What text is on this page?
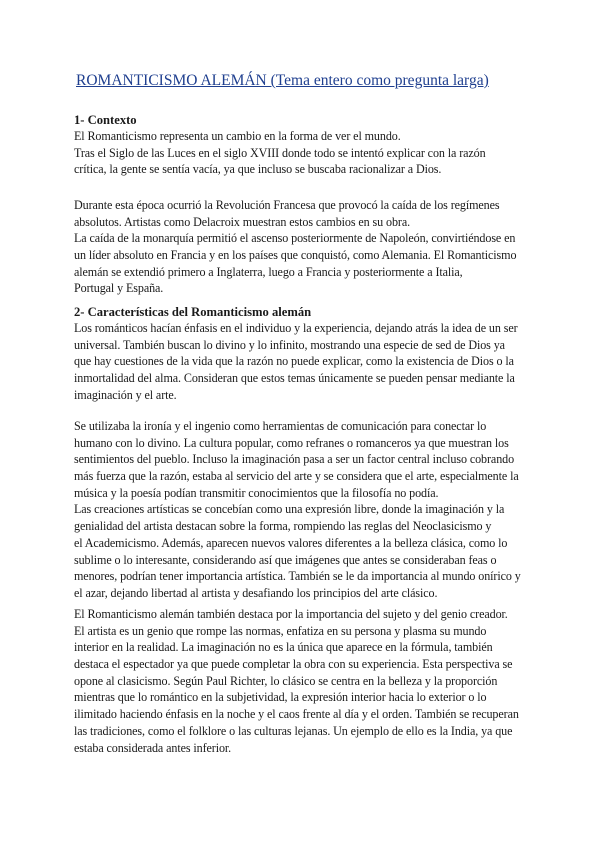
ROMANTICISMO ALEMÁN (Tema entero como pregunta larga)
1- Contexto
El Romanticismo representa un cambio en la forma de ver el mundo.
Tras el Siglo de las Luces en el siglo XVIII donde todo se intentó explicar con la razón
crítica, la gente se sentía vacía, ya que incluso se buscaba racionalizar a Dios.
Durante esta época ocurrió la Revolución Francesa que provocó la caída de los regímenes
absolutos. Artistas como Delacroix muestran estos cambios en su obra.
La caída de la monarquía permitió el ascenso posteriormente de Napoleón, convirtiéndose en
un líder absoluto en Francia y en los países que conquistó, como Alemania. El Romanticismo
alemán se extendió primero a Inglaterra, luego a Francia y posteriormente a Italia,
Portugal y España.
2- Características del Romanticismo alemán
Los románticos hacían énfasis en el individuo y la experiencia, dejando atrás la idea de un ser
universal. También buscan lo divino y lo infinito, mostrando una especie de sed de Dios ya
que hay cuestiones de la vida que la razón no puede explicar, como la existencia de Dios o la
inmortalidad del alma. Consideran que estos temas únicamente se pueden pensar mediante la
imaginación y el arte.
Se utilizaba la ironía y el ingenio como herramientas de comunicación para conectar lo
humano con lo divino. La cultura popular, como refranes o romanceros ya que muestran los
sentimientos del pueblo. Incluso la imaginación pasa a ser un factor central incluso cobrando
más fuerza que la razón, estaba al servicio del arte y se considera que el arte, especialmente la
música y la poesía podían transmitir conocimientos que la filosofía no podía.
Las creaciones artísticas se concebían como una expresión libre, donde la imaginación y la
genialidad del artista destacan sobre la forma, rompiendo las reglas del Neoclasicismo y
el Academicismo. Además, aparecen nuevos valores diferentes a la belleza clásica, como lo
sublime o lo interesante, considerando así que imágenes que antes se consideraban feas o
menores, podrían tener importancia artística. También se le da importancia al mundo onírico y
el azar, dejando libertad al artista y desafiando los principios del arte clásico.
El Romanticismo alemán también destaca por la importancia del sujeto y del genio creador.
El artista es un genio que rompe las normas, enfatiza en su persona y plasma su mundo
interior en la realidad. La imaginación no es la única que aparece en la fórmula, también
destaca el espectador ya que puede completar la obra con su experiencia. Esta perspectiva se
opone al clasicismo. Según Paul Richter, lo clásico se centra en la belleza y la proporción
mientras que lo romántico en la subjetividad, la expresión interior hacia lo exterior o lo
ilimitado haciendo énfasis en la noche y el caos frente al día y el orden. También se recuperan
las tradiciones, como el folklore o las culturas lejanas. Un ejemplo de ello es la India, ya que
estaba considerada antes inferior.
